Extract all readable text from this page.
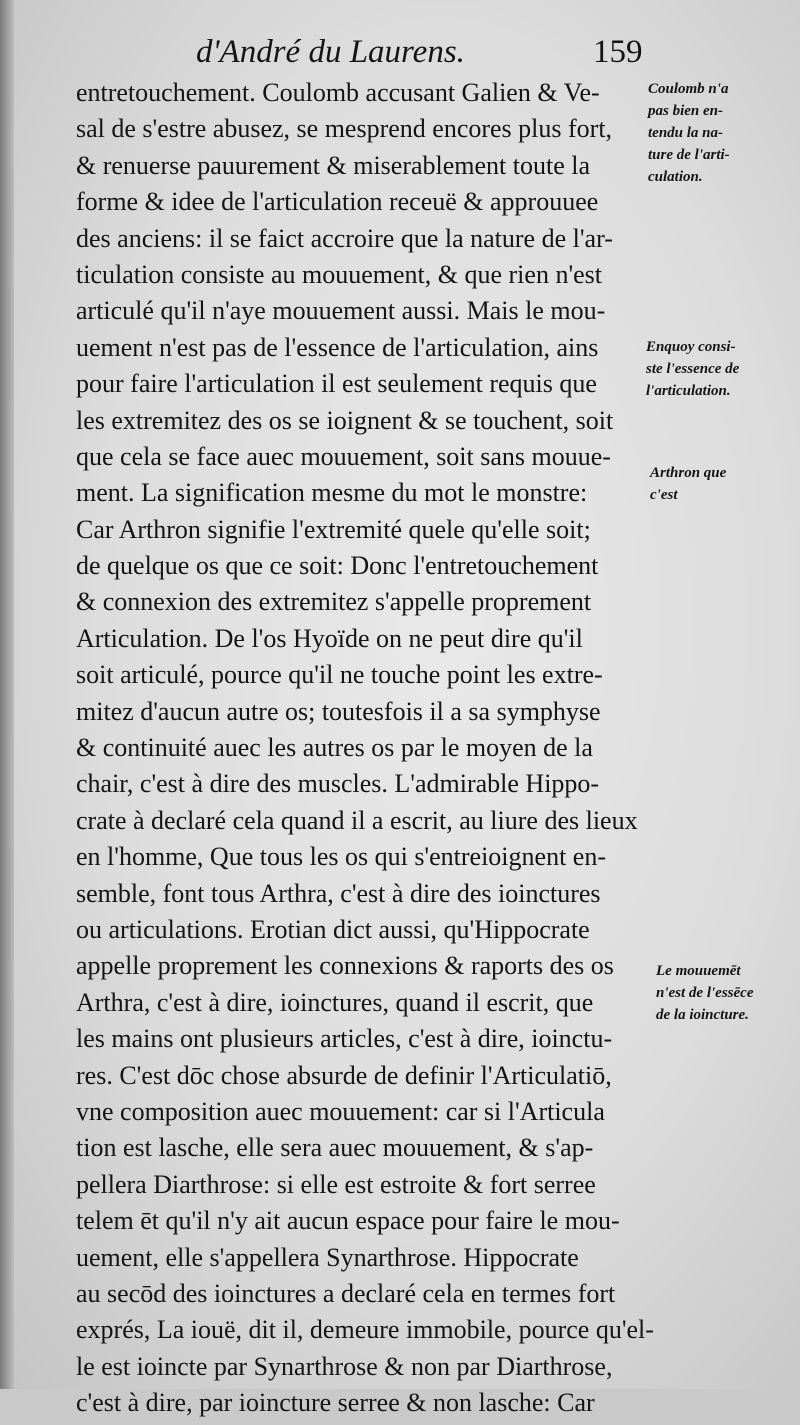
d'André du Laurens.	159
entretouchement. Coulomb accusant Galien & Ve-
sal de s'estre abusez, se mesprend encores plus fort,
& renuerse pauurement & miserablement toute la
forme & idee de l'articulation receuë & approuuee
des anciens: il se faict accroire que la nature de l'ar-
ticulation consiste au mouuement, & que rien n'est
articulé qu'il n'aye mouuement aussi. Mais le mou-
uement n'est pas de l'essence de l'articulation, ains
pour faire l'articulation il est seulement requis que
les extremitez des os se ioignent & se touchent, soit
que cela se face auec mouuement, soit sans mouue-
ment. La signification mesme du mot le monstre:
Car Arthron signifie l'extremité quele qu'elle soit;
de quelque os que ce soit: Donc l'entretouchement
& connexion des extremitez s'appelle proprement
Articulation. De l'os Hyoïde on ne peut dire qu'il
soit articulé, pource qu'il ne touche point les extre-
mitez d'aucun autre os; toutesfois il a sa symphyse
& continuité auec les autres os par le moyen de la
chair, c'est à dire des muscles. L'admirable Hippo-
crate à declaré cela quand il a escrit, au liure des lieux
en l'homme, Que tous les os qui s'entreioignent en-
semble, font tous Arthra, c'est à dire des ioinctures
ou articulations. Erotian dict aussi, qu'Hippocrate
appelle proprement les connexions & raports des os
Arthra, c'est à dire, ioinctures, quand il escrit, que
les mains ont plusieurs articles, c'est à dire, ioinctu-
res. C'est dōc chose absurde de definir l'Articulatiō,
vne composition auec mouuement: car si l'Articula
tion est lasche, elle sera auec mouuement, & s'ap-
pellera Diarthrose: si elle est estroite & fort serree
telem ēt qu'il n'y ait aucun espace pour faire le mou-
uement, elle s'appellera Synarthrose. Hippocrate
au secōd des ioinctures a declaré cela en termes fort
exprés, La iouë, dit il, demeure immobile, pource qu'el-
le est ioincte par Synarthrose & non par Diarthrose,
c'est à dire, par ioincture serree & non lasche: Car
Coulomb n'a
pas bien en-
tendu la na-
ture de l'arti-
culation.
Enquoy consi-
ste l'essence de
l'articulation.
Arthron que
c'est
Le mouuemēt
n'est de l'essēce
de la ioincture.
